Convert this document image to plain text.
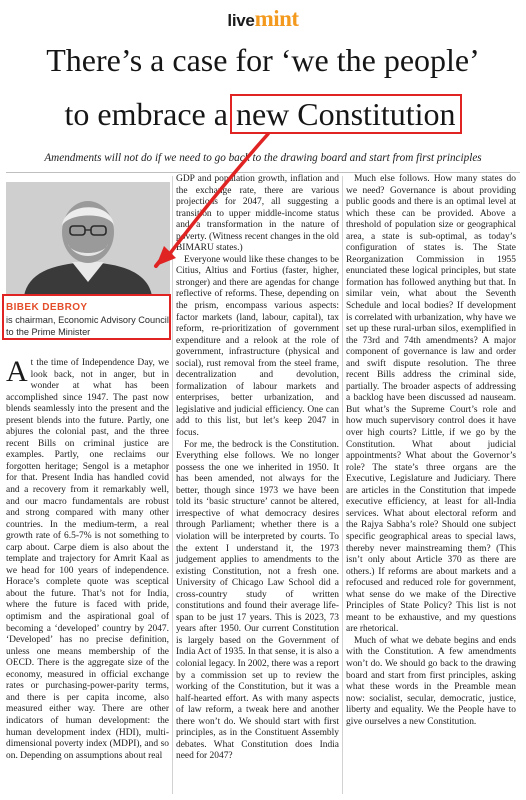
livemint
There’s a case for ‘we the people’
to embrace a new Constitution
Amendments will not do if we need to go back to the drawing board and start from first principles
BIBEK DEBROY
is chairman, Economic Advisory Council to the Prime Minister
A t the time of Independence Day, we look back, not in anger, but in wonder at what has been accomplished since 1947. The past now blends seamlessly into the present and the present blends into the future. Partly, one abjures the colonial past, and the three recent Bills on criminal justice are examples. Partly, one reclaims our forgotten heritage; Sengol is a metaphor for that. Present India has handled covid and a recovery from it remarkably well, and our macro fundamentals are robust and strong compared with many other countries. In the medium-term, a real growth rate of 6.5-7% is not something to carp about. Carpe diem is also about the template and trajectory for Amrit Kaal as we head for 100 years of independence. Horace’s complete quote was sceptical about the future. That’s not for India, where the future is faced with pride, optimism and the aspirational goal of becoming a ‘developed’ country by 2047. ‘Developed’ has no precise definition, unless one means membership of the OECD. There is the aggregate size of the economy, measured in official exchange rates or purchasing-power-parity terms, and there is per capita income, also measured either way. There are other indicators of human development: the human development index (HDI), multi-dimensional poverty index (MDPI), and so on. Depending on assumptions about real

GDP and population growth, inflation and the exchange rate, there are various projections for 2047, all suggesting a transition to upper middle-income status and a transformation in the nature of poverty. (Witness recent changes in the old BIMARU states.)

Everyone would like these changes to be Citius, Altius and Fortius (faster, higher, stronger) and there are agendas for change reflective of reforms. These, depending on the prism, encompass various aspects: factor markets (land, labour, capital), tax reform, re-prioritization of government expenditure and a relook at the role of government, infrastructure (physical and social), rust removal from the steel frame, decentralization and devolution, formalization of labour markets and enterprises, better urbanization, and legislative and judicial efficiency. One can add to this list, but let’s keep 2047 in focus.

For me, the bedrock is the Constitution. Everything else follows. We no longer possess the one we inherited in 1950. It has been amended, not always for the better, though since 1973 we have been told its ‘basic structure’ cannot be altered, irrespective of what democracy desires through Parliament; whether there is a violation will be interpreted by courts. To the extent I understand it, the 1973 judgement applies to amendments to the existing Constitution, not a fresh one. University of Chicago Law School did a cross-country study of written constitutions and found their average life-span to be just 17 years. This is 2023, 73 years after 1950. Our current Constitution is largely based on the Government of India Act of 1935. In that sense, it is also a colonial legacy. In 2002, there was a report by a commission set up to review the working of the Constitution, but it was a half-hearted effort. As with many aspects of law reform, a tweak here and another there won’t do. We should start with first principles, as in the Constituent Assembly debates. What Constitution does India need for 2047?

Much else follows. How many states do we need? Governance is about providing public goods and there is an optimal level at which these can be provided. Above a threshold of population size or geographical area, a state is sub-optimal, as today’s configuration of states is. The State Reorganization Commission in 1955 enunciated these logical principles, but state formation has followed anything but that. In similar vein, what about the Seventh Schedule and local bodies? If development is correlated with urbanization, why have we set up these rural-urban silos, exemplified in the 73rd and 74th amendments? A major component of governance is law and order and swift dispute resolution. The three recent Bills address the criminal side, partially. The broader aspects of addressing a backlog have been discussed ad nauseam. But what’s the Supreme Court’s role and how much supervisory control does it have over high courts? Little, if we go by the Constitution. What about judicial appointments? What about the Governor’s role? The state’s three organs are the Executive, Legislature and Judiciary. There are articles in the Constitution that impede executive efficiency, at least for all-India services. What about electoral reform and the Rajya Sabha’s role? Should one subject specific geographical areas to special laws, thereby never mainstreaming them? (This isn’t only about Article 370 as there are others.) If reforms are about markets and a refocused and reduced role for government, what sense do we make of the Directive Principles of State Policy? This list is not meant to be exhaustive, and my questions are rhetorical.

Much of what we debate begins and ends with the Constitution. A few amendments won’t do. We should go back to the drawing board and start from first principles, asking what these words in the Preamble mean now: socialist, secular, democratic, justice, liberty and equality. We the People have to give ourselves a new Constitution.
